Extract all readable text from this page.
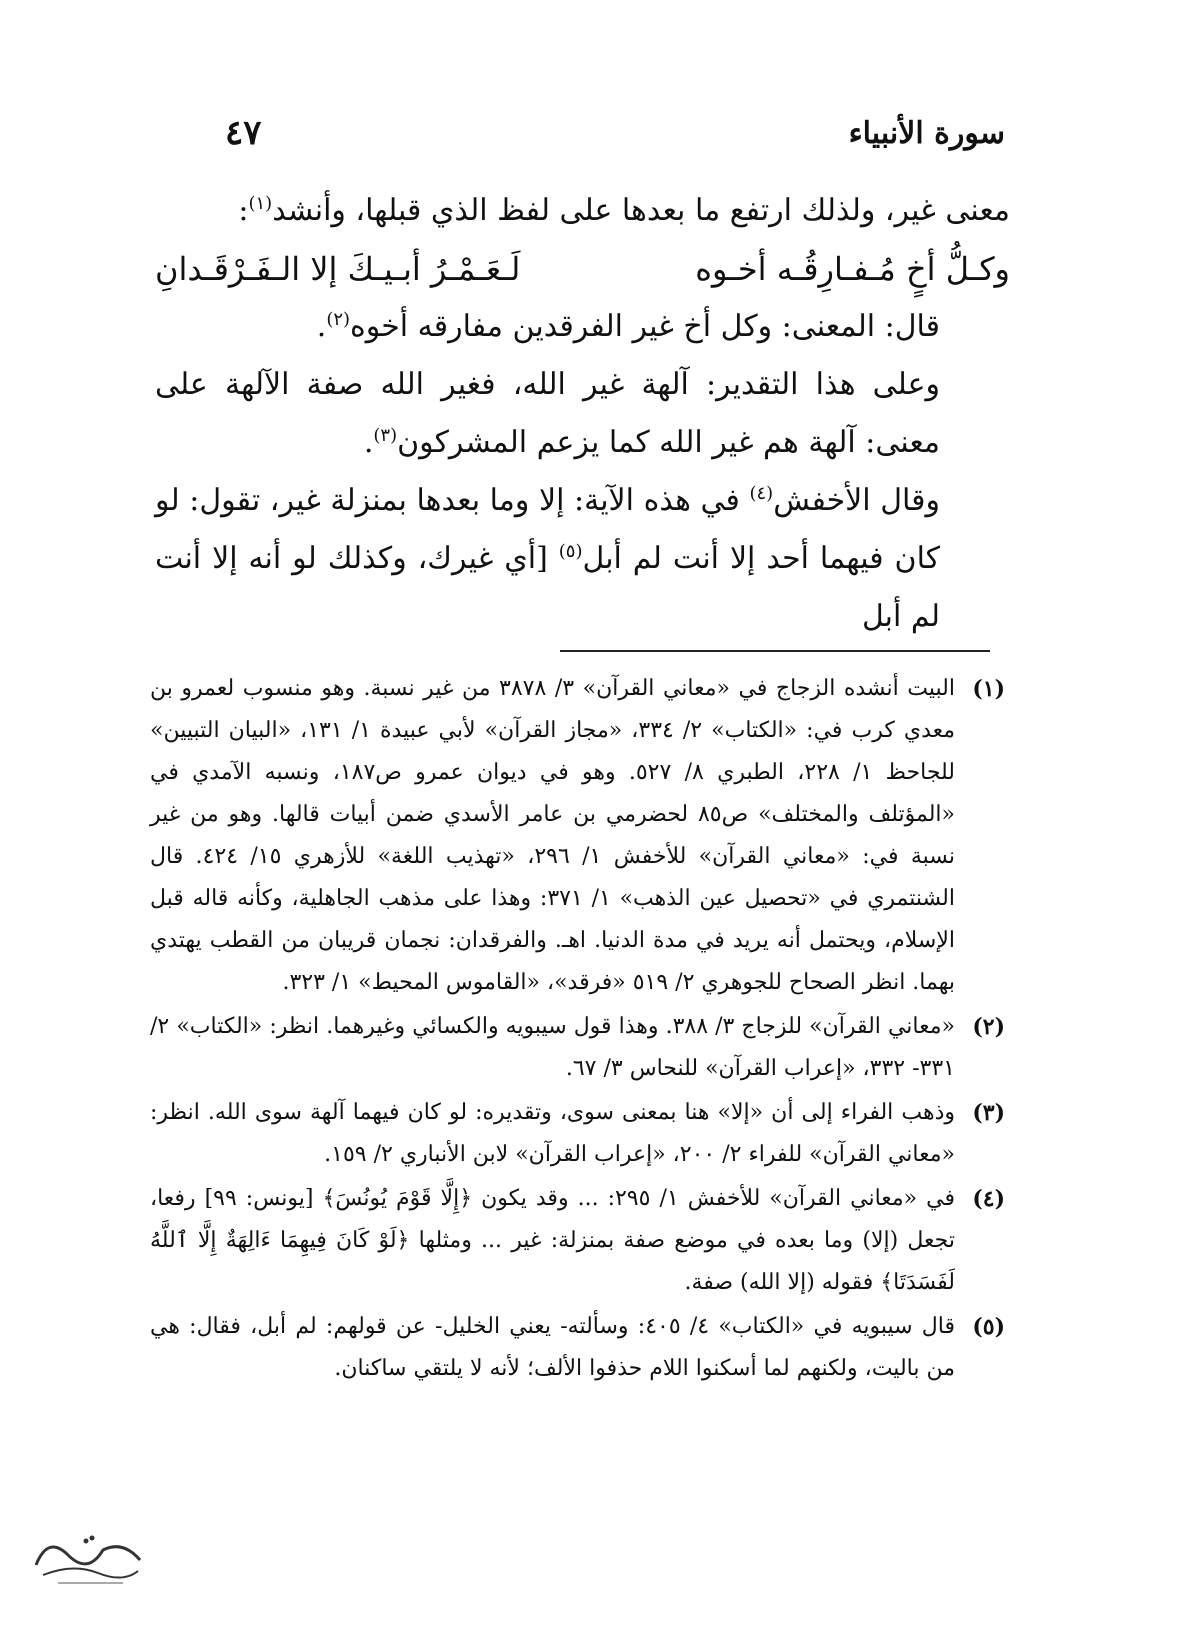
سورة الأنبياء
٤٧

معنى غير، ولذلك ارتفع ما بعدها على لفظ الذي قبلها، وأنشد$^{(١)}$:

وكـلُّ أخٍ مُـفـارِقُـه أخـوه
لَـعَـمْـرُ أبـيـكَ إلا الـفَـرْقَـدانِ

قال: المعنى: وكل أخ غير الفرقدين مفارقه أخوه$^{(٢)}$.

وعلى هذا التقدير: آلهة غير الله، فغير الله صفة الآلهة على معنى: آلهة هم غير الله كما يزعم المشركون$^{(٣)}$.

وقال الأخفش$^{(٤)}$ في هذه الآية: إلا وما بعدها بمنزلة غير، تقول: لو كان فيهما أحد إلا أنت لم أبل$^{(٥)}$ [أي غيرك، وكذلك لو أنه إلا أنت لم أبل

(١)
البيت أنشده الزجاج في «معاني القرآن» ٣/ ٣٨٧٨ من غير نسبة. وهو منسوب لعمرو بن معدي كرب في: «الكتاب» ٢/ ٣٣٤، «مجاز القرآن» لأبي عبيدة ١/ ١٣١، «البيان التبيين» للجاحظ ١/ ٢٢٨، الطبري ٨/ ٥٢٧. وهو في ديوان عمرو ص١٨٧، ونسبه الآمدي في «المؤتلف والمختلف» ص٨٥ لحضرمي بن عامر الأسدي ضمن أبيات قالها. وهو من غير نسبة في: «معاني القرآن» للأخفش ١/ ٢٩٦، «تهذيب اللغة» للأزهري ١٥/ ٤٢٤. قال الشنتمري في «تحصيل عين الذهب» ١/ ٣٧١: وهذا على مذهب الجاهلية، وكأنه قاله قبل الإسلام، ويحتمل أنه يريد في مدة الدنيا. اهـ. والفرقدان: نجمان قريبان من القطب يهتدي بهما. انظر الصحاح للجوهري ٢/ ٥١٩ «فرقد»، «القاموس المحيط» ١/ ٣٢٣.
(٢)
«معاني القرآن» للزجاج ٣/ ٣٨٨. وهذا قول سيبويه والكسائي وغيرهما. انظر: «الكتاب» ٢/ ٣٣١- ٣٣٢، «إعراب القرآن» للنحاس ٣/ ٦٧.
(٣)
وذهب الفراء إلى أن «إلا» هنا بمعنى سوى، وتقديره: لو كان فيهما آلهة سوى الله. انظر: «معاني القرآن» للفراء ٢/ ٢٠٠، «إعراب القرآن» لابن الأنباري ٢/ ١٥٩.
(٤)
في «معاني القرآن» للأخفش ١/ ٢٩٥: ... وقد يكون ﴿إِلَّا قَوْمَ يُونُسَ﴾ [يونس: ٩٩] رفعا، تجعل (إلا) وما بعده في موضع صفة بمنزلة: غير ... ومثلها ﴿لَوْ كَانَ فِيهِمَا ءَالِهَةٌ إِلَّا ٱللَّهُ لَفَسَدَتَا﴾ فقوله (إلا الله) صفة.
(٥)
قال سيبويه في «الكتاب» ٤/ ٤٠٥: وسألته- يعني الخليل- عن قولهم: لم أبل، فقال: هي من باليت، ولكنهم لما أسكنوا اللام حذفوا الألف؛ لأنه لا يلتقي ساكنان.
